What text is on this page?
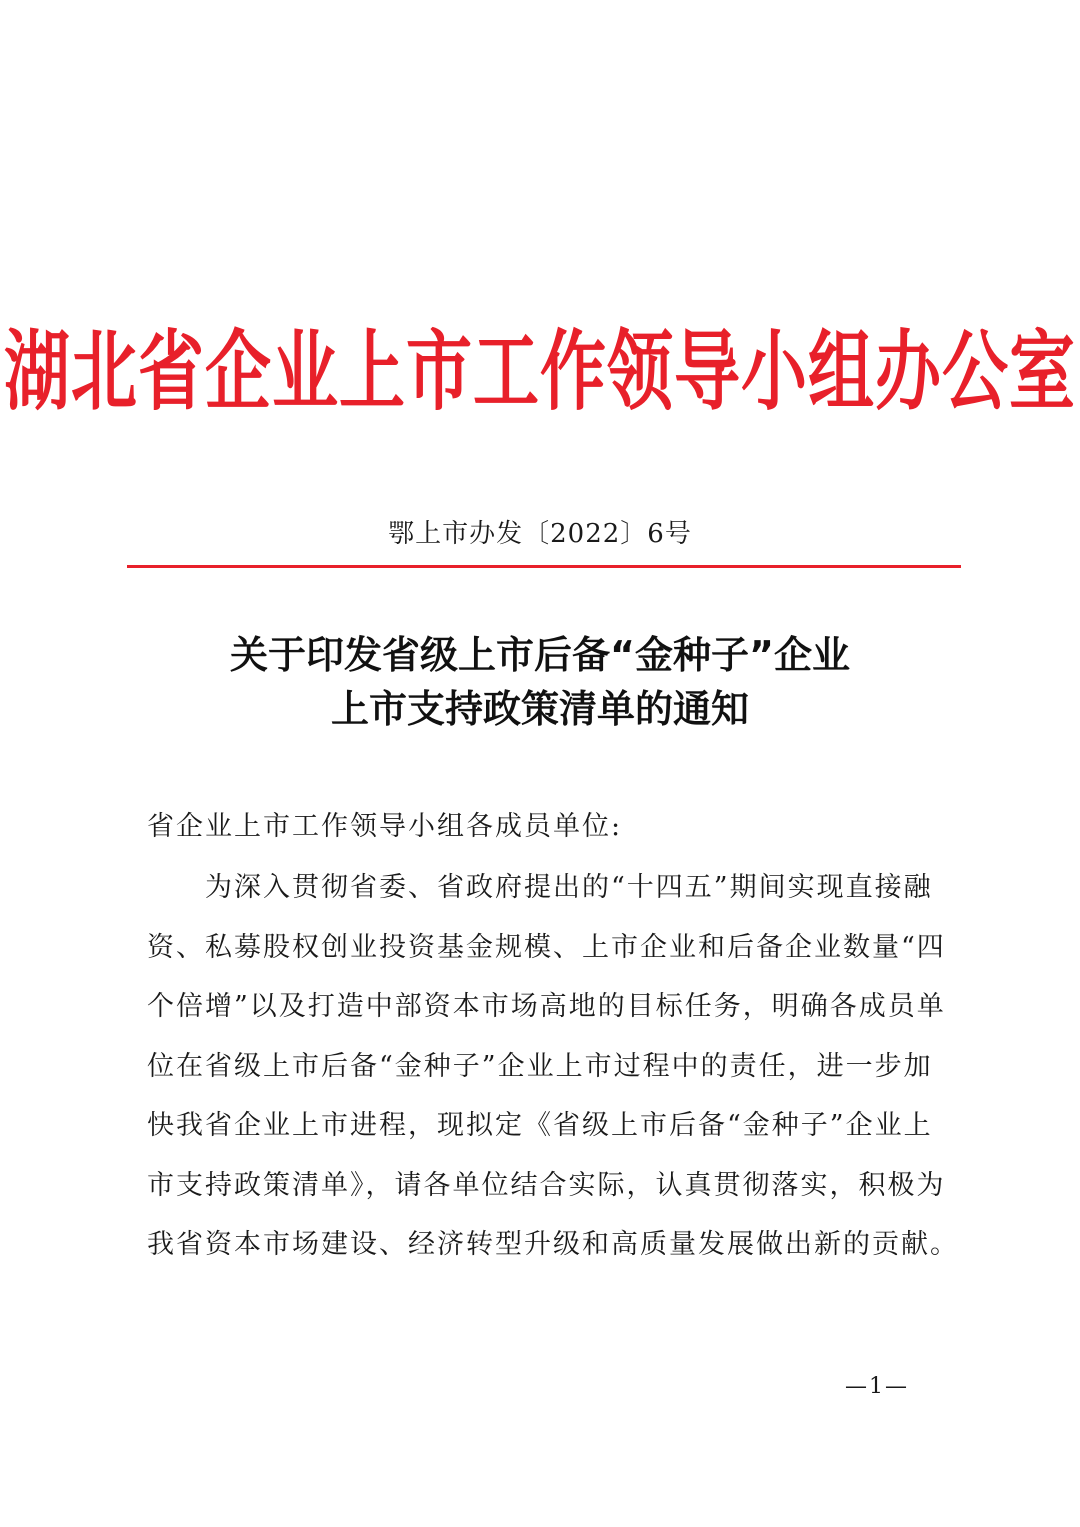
湖北省企业上市工作领导小组办公室
鄂上市办发〔2022〕6号
关于印发省级上市后备“金种子”企业
上市支持政策清单的通知
省企业上市工作领导小组各成员单位:
　　为深入贯彻省委、省政府提出的“十四五”期间实现直接融
资、私募股权创业投资基金规模、上市企业和后备企业数量“四
个倍增”以及打造中部资本市场高地的目标任务，明确各成员单
位在省级上市后备“金种子”企业上市过程中的责任，进一步加
快我省企业上市进程，现拟定《省级上市后备“金种子”企业上
市支持政策清单》，请各单位结合实际，认真贯彻落实，积极为
我省资本市场建设、经济转型升级和高质量发展做出新的贡献。
—1—
